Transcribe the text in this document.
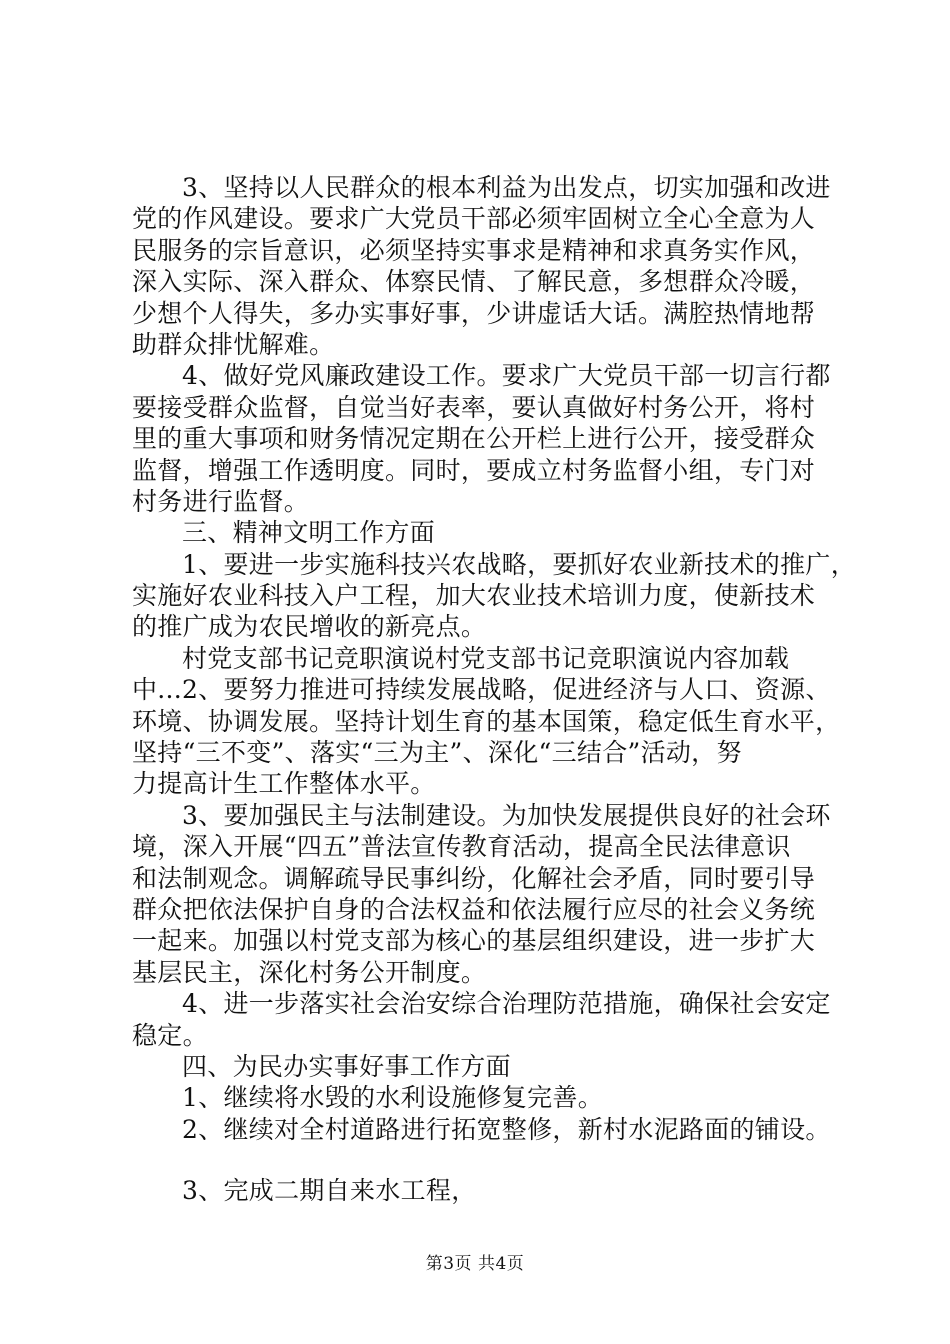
3、坚持以人民群众的根本利益为出发点，切实加强和改进
党的作风建设。要求广大党员干部必须牢固树立全心全意为人
民服务的宗旨意识，必须坚持实事求是精神和求真务实作风，
深入实际、深入群众、体察民情、了解民意，多想群众冷暖，
少想个人得失，多办实事好事，少讲虚话大话。满腔热情地帮
助群众排忧解难。
4、做好党风廉政建设工作。要求广大党员干部一切言行都
要接受群众监督，自觉当好表率，要认真做好村务公开，将村
里的重大事项和财务情况定期在公开栏上进行公开，接受群众
监督，增强工作透明度。同时，要成立村务监督小组，专门对
村务进行监督。
三、精神文明工作方面
1、要进一步实施科技兴农战略，要抓好农业新技术的推广，
实施好农业科技入户工程，加大农业技术培训力度，使新技术
的推广成为农民增收的新亮点。
村党支部书记竞职演说村党支部书记竞职演说内容加载
中...2、要努力推进可持续发展战略，促进经济与人口、资源、
环境、协调发展。坚持计划生育的基本国策，稳定低生育水平，
坚持“三不变”、落实“三为主”、深化“三结合”活动，努
力提高计生工作整体水平。
3、要加强民主与法制建设。为加快发展提供良好的社会环
境，深入开展“四五”普法宣传教育活动，提高全民法律意识
和法制观念。调解疏导民事纠纷，化解社会矛盾，同时要引导
群众把依法保护自身的合法权益和依法履行应尽的社会义务统
一起来。加强以村党支部为核心的基层组织建设，进一步扩大
基层民主，深化村务公开制度。
4、进一步落实社会治安综合治理防范措施，确保社会安定
稳定。
四、为民办实事好事工作方面
1、继续将水毁的水利设施修复完善。
2、继续对全村道路进行拓宽整修，新村水泥路面的铺设。
3、完成二期自来水工程，
第3页 共4页
